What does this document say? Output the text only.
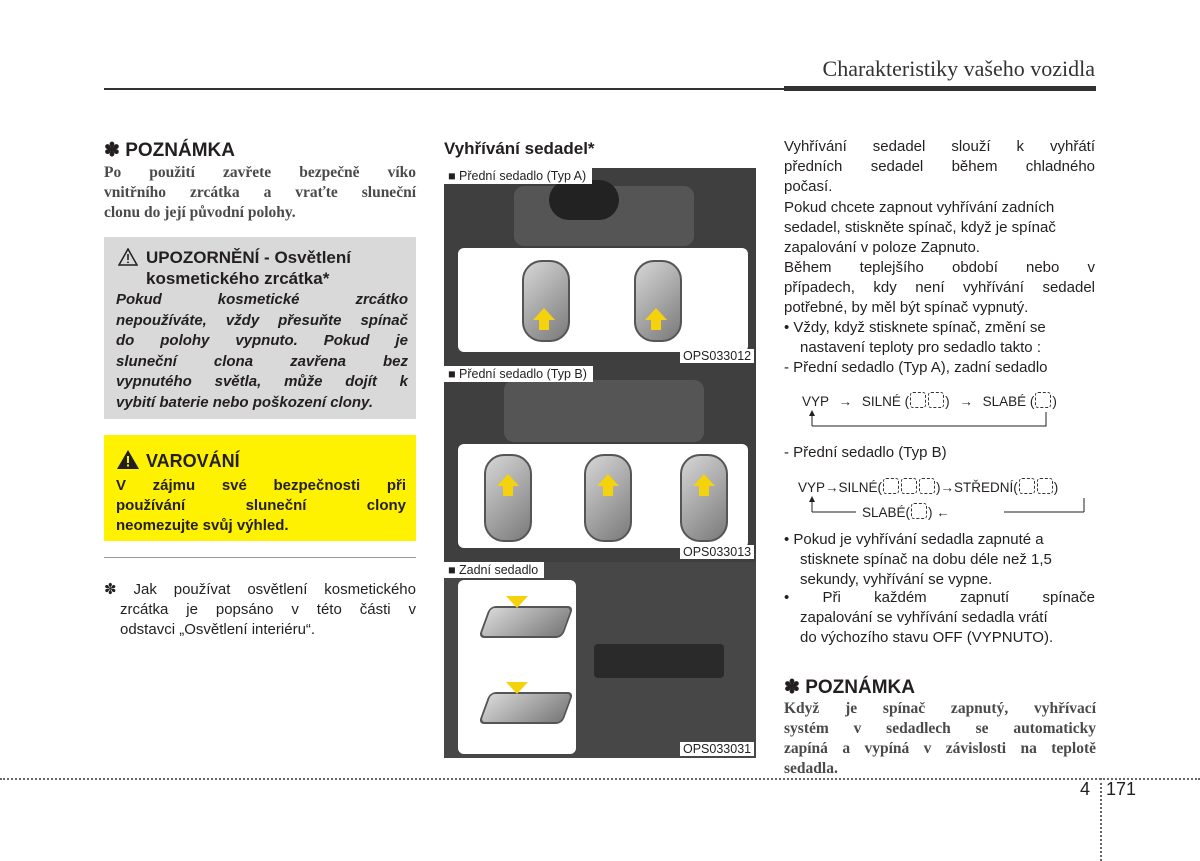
Charakteristiky vašeho vozidla
✽ POZNÁMKA
Po použití zavřete bezpečně víko
vnitřního zrcátka a vraťte sluneční
clonu do její původní polohy.
UPOZORNĚNÍ - Osvětlení
kosmetického zrcátka*
Pokud kosmetické zrcátko
nepoužíváte, vždy přesuňte spínač
do polohy vypnuto. Pokud je
sluneční clona zavřena bez
vypnutého světla, může dojít k
vybití baterie nebo poškození clony.
VAROVÁNÍ
V zájmu své bezpečnosti při
používání sluneční clony
neomezujte svůj výhled.
✽ Jak používat osvětlení kosmetického
zrcátka je popsáno v této části v
odstavci „Osvětlení interiéru“.
Vyhřívání sedadel*
■ Přední sedadlo (Typ A)
OPS033012
■ Přední sedadlo (Typ B)
OPS033013
■ Zadní sedadlo
OPS033031
Vyhřívání sedadel slouží k vyhřátí
předních sedadel během chladného
počasí.
Pokud chcete zapnout vyhřívání zadních
sedadel, stiskněte spínač, když je spínač
zapalování v poloze Zapnuto.
Během teplejšího období nebo v
případech, kdy není vyhřívání sedadel
potřebné, by měl být spínač vypnutý.
• Vždy, když stisknete spínač, změní se
nastavení teploty pro sedadlo takto :
- Přední sedadlo (Typ A), zadní sedadlo
VYP → SILNÉ (	) → SLABÉ ( )
- Přední sedadlo (Typ B)
VYP→SILNÉ(	)→STŘEDNÍ(	)
SLABÉ( ) ←
• Pokud je vyhřívání sedadla zapnuté a
stisknete spínač na dobu déle než 1,5
sekundy, vyhřívání se vypne.
• Při každém zapnutí spínače
zapalování se vyhřívání sedadla vrátí
do výchozího stavu OFF (VYPNUTO).
✽ POZNÁMKA
Když je spínač zapnutý, vyhřívací
systém v sedadlech se automaticky
zapíná a vypíná v závislosti na teplotě
sedadla.
4 171
